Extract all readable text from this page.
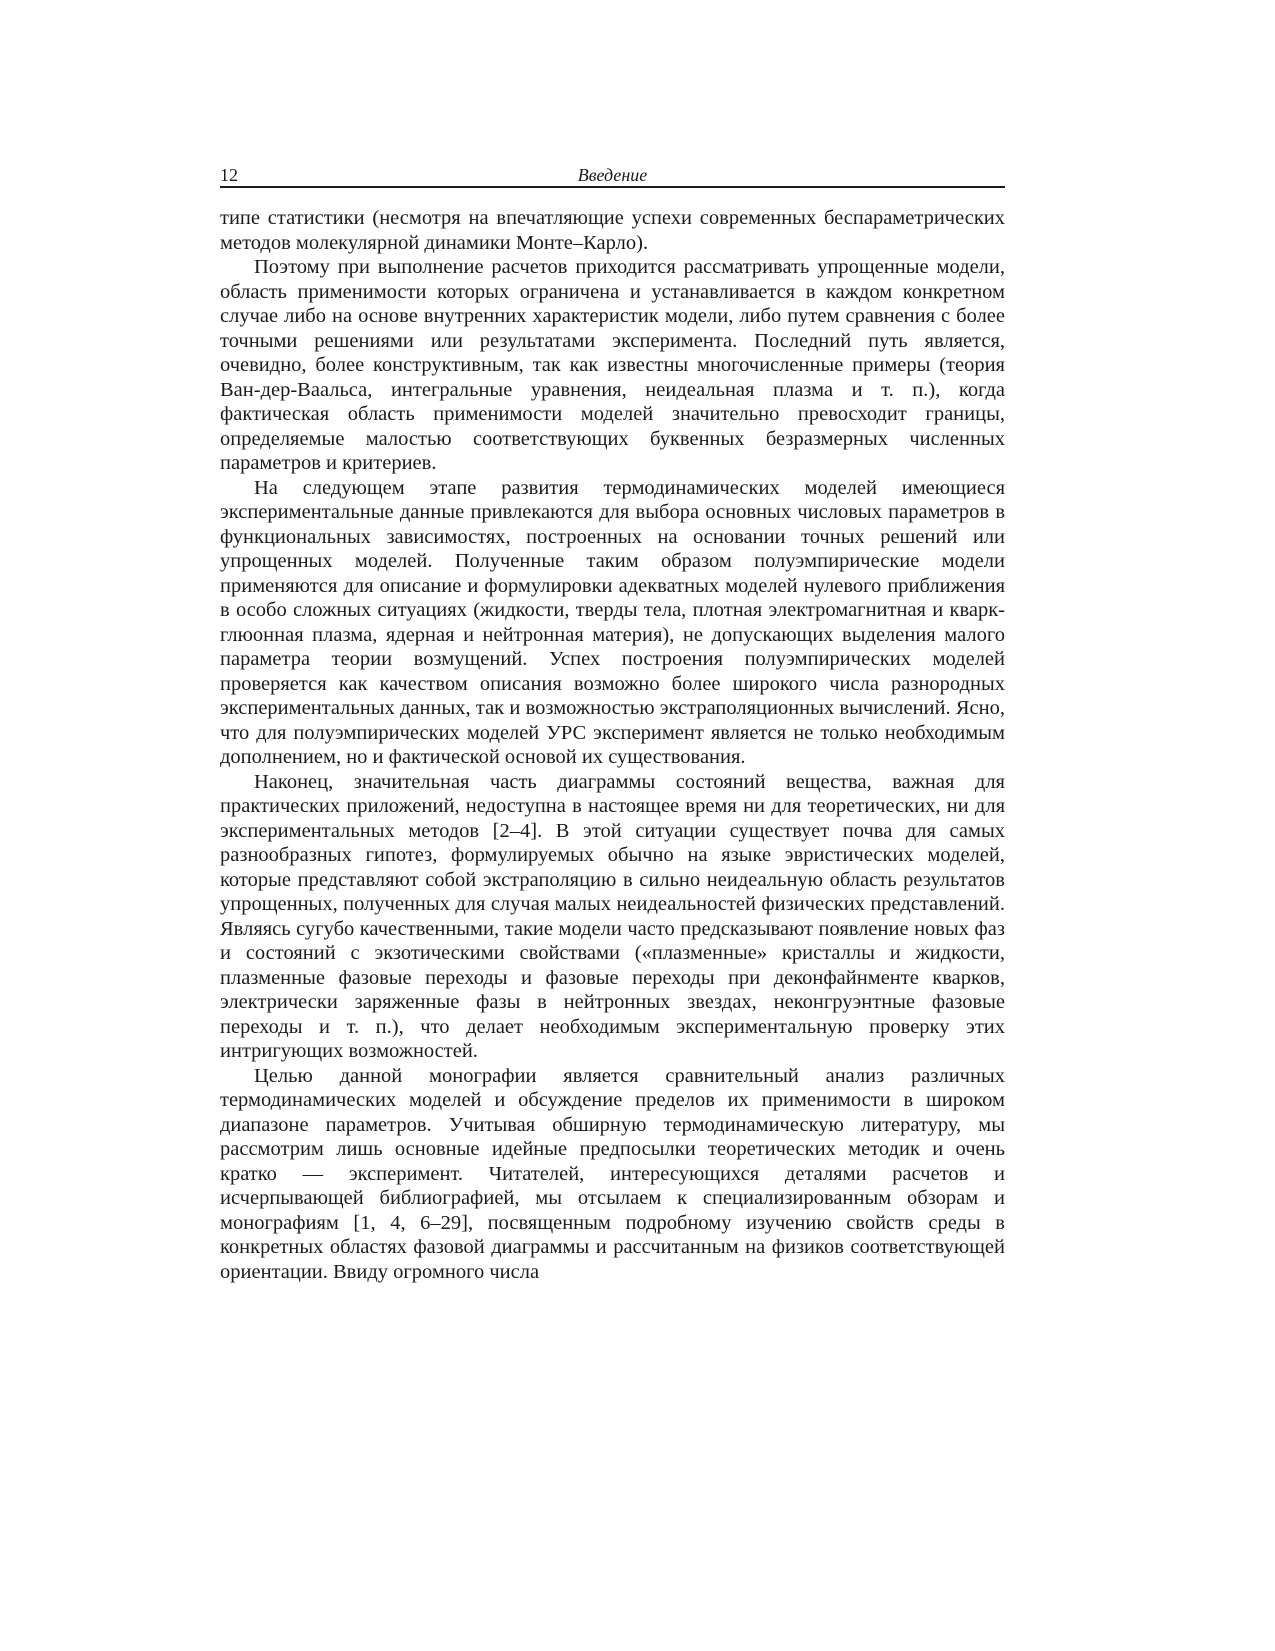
12	Введение

типе статистики (несмотря на впечатляющие успехи современных беспараметрических методов молекулярной динамики Монте–Карло).

Поэтому при выполнение расчетов приходится рассматривать упрощенные модели, область применимости которых ограничена и устанавливается в каждом конкретном случае либо на основе внутренних характеристик модели, либо путем сравнения с более точными решениями или результатами эксперимента. Последний путь является, очевидно, более конструктивным, так как известны многочисленные примеры (теория Ван-дер-Ваальса, интегральные уравнения, неидеальная плазма и т. п.), когда фактическая область применимости моделей значительно превосходит границы, определяемые малостью соответствующих буквенных безразмерных численных параметров и критериев.

На следующем этапе развития термодинамических моделей имеющиеся экспериментальные данные привлекаются для выбора основных числовых параметров в функциональных зависимостях, построенных на основании точных решений или упрощенных моделей. Полученные таким образом полуэмпирические модели применяются для описание и формулировки адекватных моделей нулевого приближения в особо сложных ситуациях (жидкости, тверды тела, плотная электромагнитная и кварк-глюонная плазма, ядерная и нейтронная материя), не допускающих выделения малого параметра теории возмущений. Успех построения полуэмпирических моделей проверяется как качеством описания возможно более широкого числа разнородных экспериментальных данных, так и возможностью экстраполяционных вычислений. Ясно, что для полуэмпирических моделей УРС эксперимент является не только необходимым дополнением, но и фактической основой их существования.

Наконец, значительная часть диаграммы состояний вещества, важная для практических приложений, недоступна в настоящее время ни для теоретических, ни для экспериментальных методов [2–4]. В этой ситуации существует почва для самых разнообразных гипотез, формулируемых обычно на языке эвристических моделей, которые представляют собой экстраполяцию в сильно неидеальную область результатов упрощенных, полученных для случая малых неидеальностей физических представлений. Являясь сугубо качественными, такие модели часто предсказывают появление новых фаз и состояний с экзотическими свойствами («плазменные» кристаллы и жидкости, плазменные фазовые переходы и фазовые переходы при деконфайнменте кварков, электрически заряженные фазы в нейтронных звездах, неконгруэнтные фазовые переходы и т. п.), что делает необходимым экспериментальную проверку этих интригующих возможностей.

Целью данной монографии является сравнительный анализ различных термодинамических моделей и обсуждение пределов их применимости в широком диапазоне параметров. Учитывая обширную термодинамическую литературу, мы рассмотрим лишь основные идейные предпосылки теоретических методик и очень кратко — эксперимент. Читателей, интересующихся деталями расчетов и исчерпывающей библиографией, мы отсылаем к специализированным обзорам и монографиям [1, 4, 6–29], посвященным подробному изучению свойств среды в конкретных областях фазовой диаграммы и рассчитанным на физиков соответствующей ориентации. Ввиду огромного числа
